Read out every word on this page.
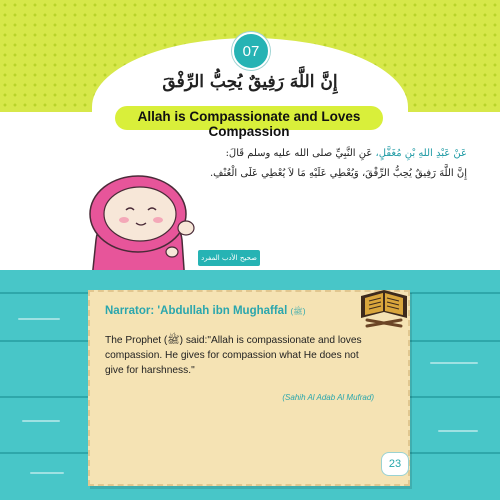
07
إِنَّ اللَّهَ رَفِيقٌ يُحِبُّ الرِّفْقَ
Allah is Compassionate and Loves Compassion
عَنْ عَبْدِ اللهِ بْنِ مُغَفَّلٍ، عَنِ النَّبِيِّ صلى الله عليه وسلم قَالَ:
إِنَّ اللَّهَ رَفِيقٌ يُحِبُّ الرِّفْقَ، وَيُعْطِي عَلَيْهِ مَا لاَ يُعْطِي عَلَى الْعُنْفِ.
صحيح الأدب المفرد
Narrator: 'Abdullah ibn Mughaffal (ﷺ)
The Prophet (ﷺ) said:"Allah is compassionate and loves compassion. He gives for compassion what He does not give for harshness."
(Sahih Al Adab Al Mufrad)
23
